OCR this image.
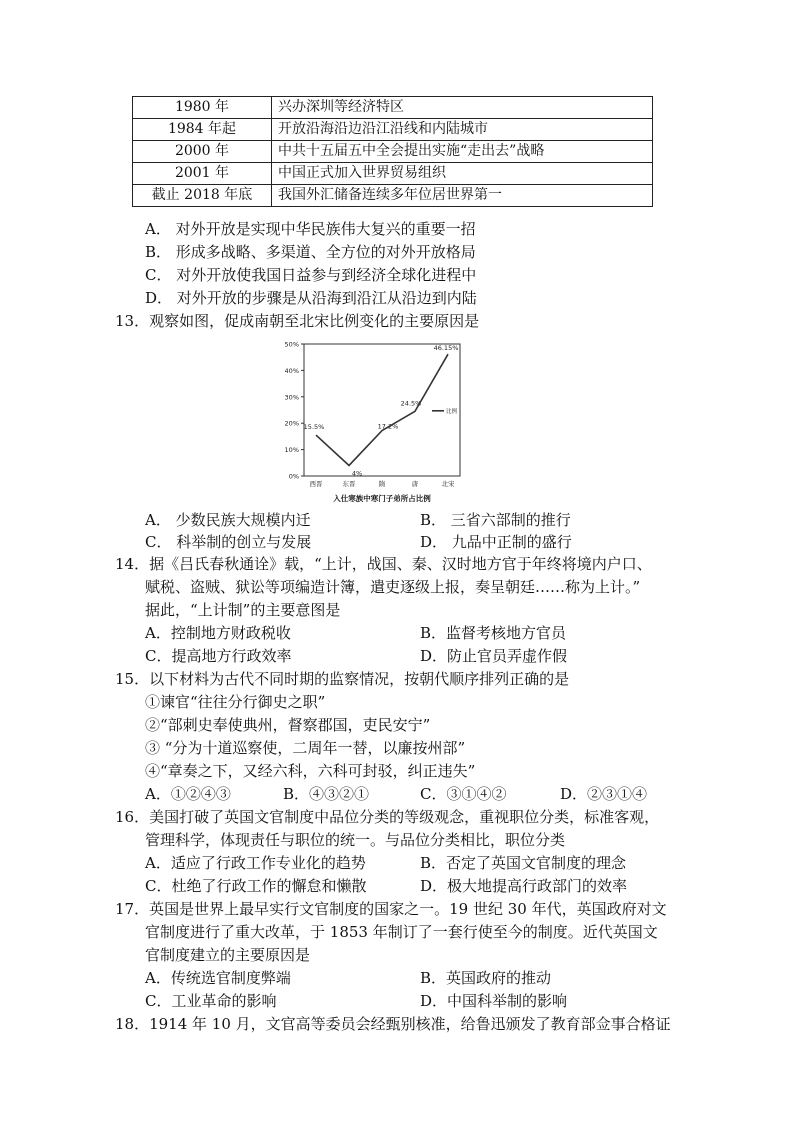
1980 年	兴办深圳等经济特区
1984 年起	开放沿海沿边沿江沿线和内陆城市
2000 年	中共十五届五中全会提出实施“走出去”战略
2001 年	中国正式加入世界贸易组织
截止 2018 年底	我国外汇储备连续多年位居世界第一
A． 对外开放是实现中华民族伟大复兴的重要一招
B． 形成多战略、多渠道、全方位的对外开放格局
C． 对外开放使我国日益参与到经济全球化进程中
D． 对外开放的步骤是从沿海到沿江从沿边到内陆
13．观察如图，促成南朝至北宋比例变化的主要原因是
0%
10%
20%
30%
40%
50%
西晋	东晋	隋	唐	北宋
入仕寒族中寒门子弟所占比例
15.5%
4%
17.2%
24.5%
46.15%
比例
A． 少数民族大规模内迁	B． 三省六部制的推行
C． 科举制的创立与发展	D． 九品中正制的盛行
14．据《吕氏春秋通诠》载，“上计，战国、秦、汉时地方官于年终将境内户口、
赋税、盗贼、狱讼等项编造计簿，遣吏逐级上报，奏呈朝廷……称为上计。”
据此，“上计制”的主要意图是
A．控制地方财政税收	B．监督考核地方官员
C．提高地方行政效率	D．防止官员弄虚作假
15．以下材料为古代不同时期的监察情况，按朝代顺序排列正确的是
①谏官“往往分行御史之职”
②“部刺史奉使典州，督察郡国，吏民安宁”
③ “分为十道巡察使，二周年一替，以廉按州部”
④“章奏之下，又经六科，六科可封驳，纠正违失”
A．①②④③	B．④③②①	C．③①④②	D．②③①④
16．美国打破了英国文官制度中品位分类的等级观念，重视职位分类，标准客观，
管理科学，体现责任与职位的统一。与品位分类相比，职位分类
A．适应了行政工作专业化的趋势	B．否定了英国文官制度的理念
C．杜绝了行政工作的懈怠和懒散	D．极大地提高行政部门的效率
17．英国是世界上最早实行文官制度的国家之一。19 世纪 30 年代，英国政府对文
官制度进行了重大改革，于 1853 年制订了一套行使至今的制度。近代英国文
官制度建立的主要原因是
A．传统选官制度弊端	B．英国政府的推动
C．工业革命的影响	D．中国科举制的影响
18．1914 年 10 月，文官高等委员会经甄别核准，给鲁迅颁发了教育部佥事合格证
